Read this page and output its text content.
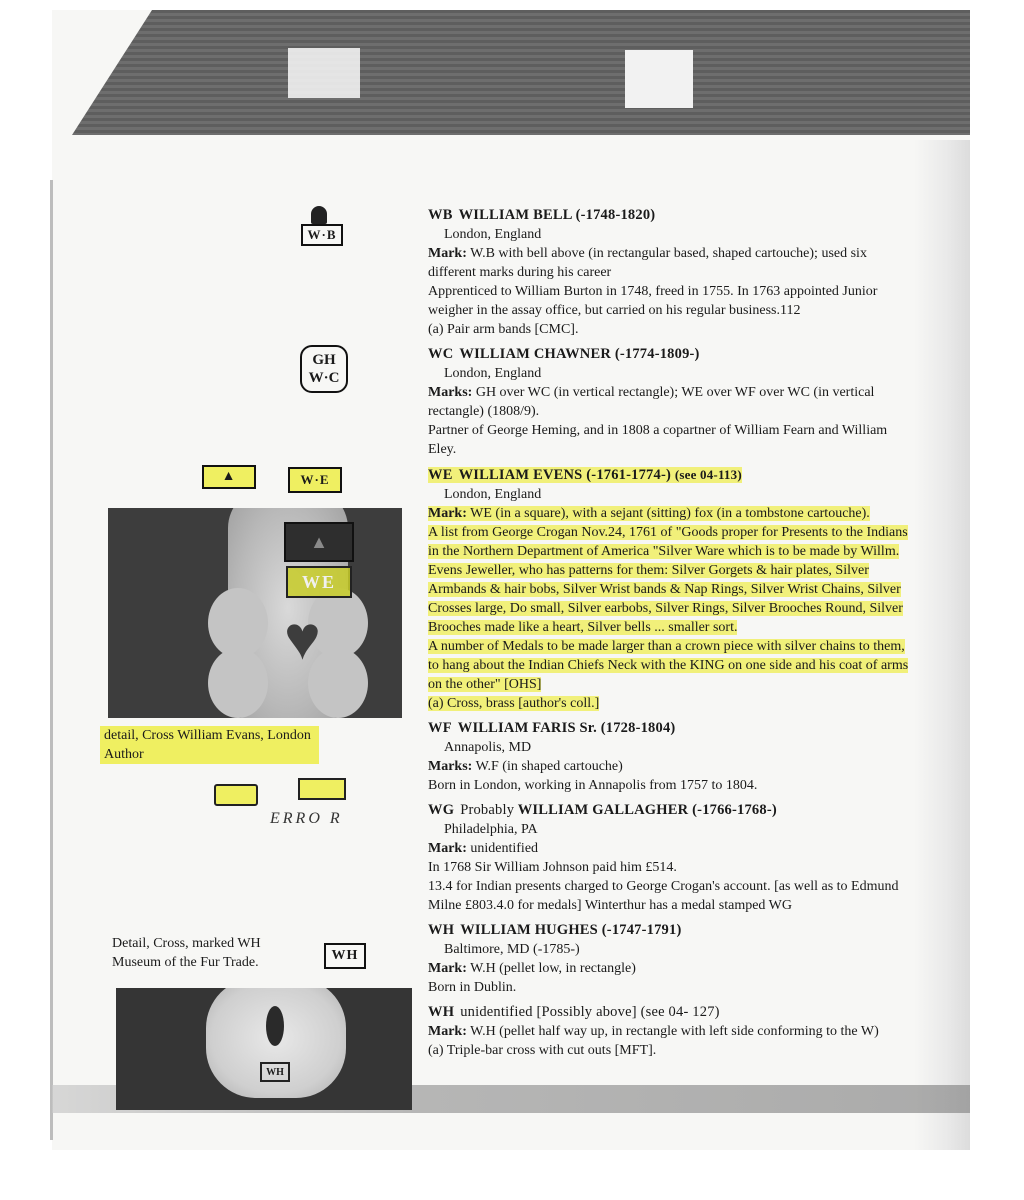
W·B
GH
W·C
▲	W·E
▲
WE
♥
detail, Cross William Evans, London
Author
ERRO R
Detail, Cross, marked WH
Museum of the Fur Trade.	WH
WH
WB WILLIAM BELL (-1748-1820)
London, England
Mark: W.B with bell above (in rectangular based, shaped cartouche); used six different marks during his career
Apprenticed to William Burton in 1748, freed in 1755. In 1763 appointed Junior weigher in the assay office, but carried on his regular business.112
(a) Pair arm bands [CMC].
WC WILLIAM CHAWNER (-1774-1809-)
London, England
Marks: GH over WC (in vertical rectangle); WE over WF over WC (in vertical rectangle) (1808/9).
Partner of George Heming, and in 1808 a copartner of William Fearn and William Eley.
WE WILLIAM EVENS (-1761-1774-) (see 04-113)
London, England
Mark: WE (in a square), with a sejant (sitting) fox (in a tombstone cartouche).
A list from George Crogan Nov.24, 1761 of "Goods proper for Presents to the Indians in the Northern Department of America "Silver Ware which is to be made by Willm. Evens Jeweller, who has patterns for them: Silver Gorgets & hair plates, Silver Armbands & hair bobs, Silver Wrist bands & Nap Rings, Silver Wrist Chains, Silver Crosses large, Do small, Silver earbobs, Silver Rings, Silver Brooches Round, Silver Brooches made like a heart, Silver bells ... smaller sort.
A number of Medals to be made larger than a crown piece with silver chains to them, to hang about the Indian Chiefs Neck with the KING on one side and his coat of arms on the other" [OHS]
(a) Cross, brass [author's coll.]
WF WILLIAM FARIS Sr. (1728-1804)
Annapolis, MD
Marks: W.F (in shaped cartouche)
Born in London, working in Annapolis from 1757 to 1804.
WG Probably WILLIAM GALLAGHER (-1766-1768-)
Philadelphia, PA
Mark: unidentified
In 1768 Sir William Johnson paid him £514.
13.4 for Indian presents charged to George Crogan's account. [as well as to Edmund Milne £803.4.0 for medals] Winterthur has a medal stamped WG
WH WILLIAM HUGHES (-1747-1791)
Baltimore, MD (-1785-)
Mark: W.H (pellet low, in rectangle)
Born in Dublin.
WH unidentified [Possibly above] (see 04- 127)
Mark: W.H (pellet half way up, in rectangle with left side conforming to the W)
(a) Triple-bar cross with cut outs [MFT].
